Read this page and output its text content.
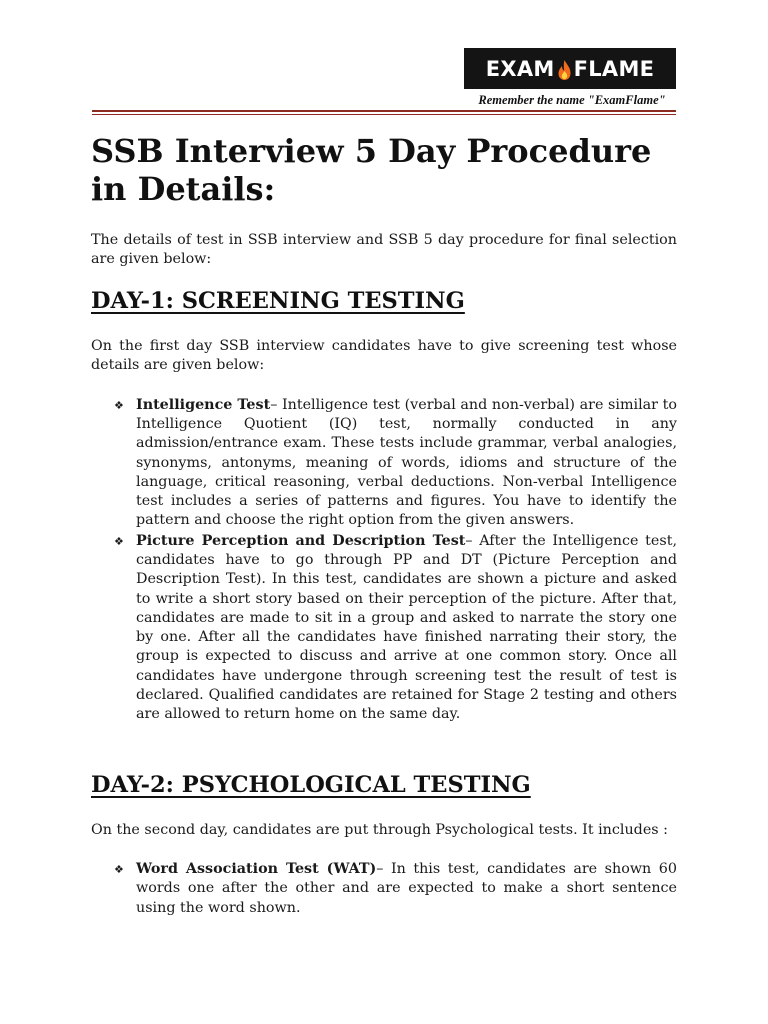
EXAM FLAME
Remember the name "ExamFlame"
SSB Interview 5 Day Procedure in Details:

The details of test in SSB interview and SSB 5 day procedure for final selection are given below:

DAY-1: SCREENING TESTING

On the first day SSB interview candidates have to give screening test whose details are given below:

❖ Intelligence Test– Intelligence test (verbal and non-verbal) are similar to Intelligence Quotient (IQ) test, normally conducted in any admission/entrance exam. These tests include grammar, verbal analogies, synonyms, antonyms, meaning of words, idioms and structure of the language, critical reasoning, verbal deductions. Non-verbal Intelligence test includes a series of patterns and figures. You have to identify the pattern and choose the right option from the given answers.
❖ Picture Perception and Description Test– After the Intelligence test, candidates have to go through PP and DT (Picture Perception and Description Test). In this test, candidates are shown a picture and asked to write a short story based on their perception of the picture. After that, candidates are made to sit in a group and asked to narrate the story one by one. After all the candidates have finished narrating their story, the group is expected to discuss and arrive at one common story. Once all candidates have undergone through screening test the result of test is declared. Qualified candidates are retained for Stage 2 testing and others are allowed to return home on the same day.
DAY-2: PSYCHOLOGICAL TESTING

On the second day, candidates are put through Psychological tests. It includes :

❖ Word Association Test (WAT)– In this test, candidates are shown 60 words one after the other and are expected to make a short sentence using the word shown.
